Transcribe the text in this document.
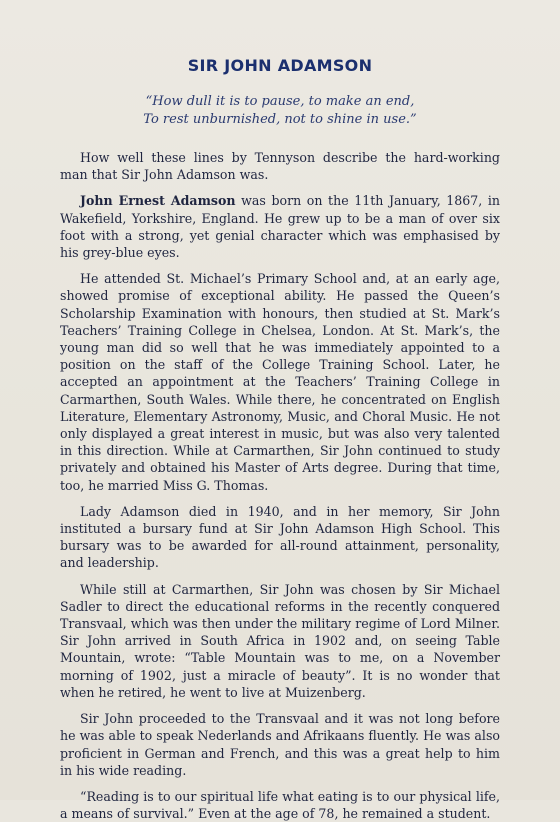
SIR JOHN ADAMSON
“How dull it is to pause, to make an end,
To rest unburnished, not to shine in use.”

How well these lines by Tennyson describe the hard-working man that Sir John Adamson was.

John Ernest Adamson was born on the 11th January, 1867, in Wakefield, Yorkshire, England. He grew up to be a man of over six foot with a strong, yet genial character which was emphasised by his grey-blue eyes.

He attended St. Michael’s Primary School and, at an early age, showed promise of exceptional ability. He passed the Queen’s Scholarship Examination with honours, then studied at St. Mark’s Teachers’ Training College in Chelsea, London. At St. Mark’s, the young man did so well that he was immediately appointed to a position on the staff of the College Training School. Later, he accepted an appointment at the Teachers’ Training College in Carmarthen, South Wales. While there, he concentrated on English Literature, Elementary Astronomy, Music, and Choral Music. He not only displayed a great interest in music, but was also very talented in this direction. While at Carmarthen, Sir John continued to study privately and obtained his Master of Arts degree. During that time, too, he married Miss G. Thomas.

Lady Adamson died in 1940, and in her memory, Sir John instituted a bursary fund at Sir John Adamson High School. This bursary was to be awarded for all-round attainment, personality, and leadership.

While still at Carmarthen, Sir John was chosen by Sir Michael Sadler to direct the educational reforms in the recently conquered Transvaal, which was then under the military regime of Lord Milner. Sir John arrived in South Africa in 1902 and, on seeing Table Mountain, wrote: “Table Mountain was to me, on a November morning of 1902, just a miracle of beauty”. It is no wonder that when he retired, he went to live at Muizenberg.

Sir John proceeded to the Transvaal and it was not long before he was able to speak Nederlands and Afrikaans fluently. He was also proficient in German and French, and this was a great help to him in his wide reading.

“Reading is to our spiritual life what eating is to our physical life, a means of survival.” Even at the age of 78, he remained a student.
